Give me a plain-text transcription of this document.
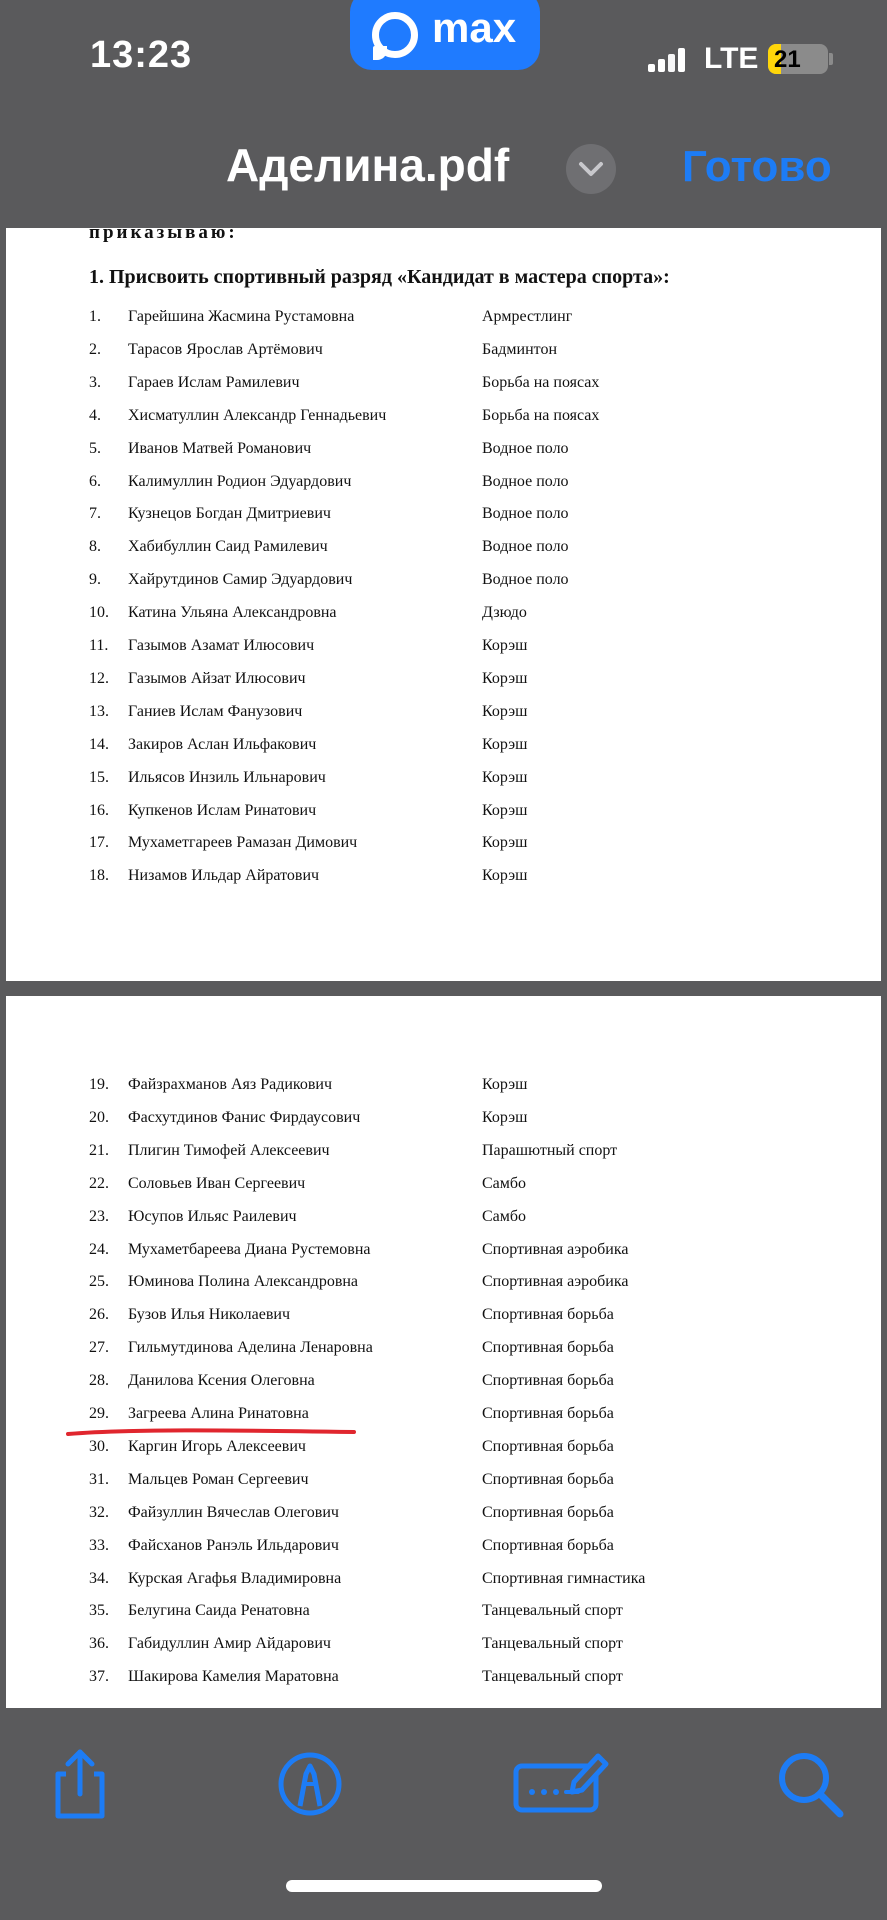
13:23
max
LTE 21
Аделина.pdf	Готово
приказываю:
1. Присвоить спортивный разряд «Кандидат в мастера спорта»:
1. Гарейшина Жасмина Рустамовна	Армрестлинг
2. Тарасов Ярослав Артёмович	Бадминтон
3. Гараев Ислам Рамилевич	Борьба на поясах
4. Хисматуллин Александр Геннадьевич	Борьба на поясах
5. Иванов Матвей Романович	Водное поло
6. Калимуллин Родион Эдуардович	Водное поло
7. Кузнецов Богдан Дмитриевич	Водное поло
8. Хабибуллин Саид Рамилевич	Водное поло
9. Хайрутдинов Самир Эдуардович	Водное поло
10. Катина Ульяна Александровна	Дзюдо
11. Газымов Азамат Илюсович	Корэш
12. Газымов Айзат Илюсович	Корэш
13. Ганиев Ислам Фанузович	Корэш
14. Закиров Аслан Ильфакович	Корэш
15. Ильясов Инзиль Ильнарович	Корэш
16. Купкенов Ислам Ринатович	Корэш
17. Мухаметгареев Рамазан Димович	Корэш
18. Низамов Ильдар Айратович	Корэш
19. Файзрахманов Аяз Радикович	Корэш
20. Фасхутдинов Фанис Фирдаусович	Корэш
21. Плигин Тимофей Алексеевич	Парашютный спорт
22. Соловьев Иван Сергеевич	Самбо
23. Юсупов Ильяс Раилевич	Самбо
24. Мухаметбареева Диана Рустемовна	Спортивная аэробика
25. Юминова Полина Александровна	Спортивная аэробика
26. Бузов Илья Николаевич	Спортивная борьба
27. Гильмутдинова Аделина Ленаровна	Спортивная борьба
28. Данилова Ксения Олеговна	Спортивная борьба
29. Загреева Алина Ринатовна	Спортивная борьба
30. Каргин Игорь Алексеевич	Спортивная борьба
31. Мальцев Роман Сергеевич	Спортивная борьба
32. Файзуллин Вячеслав Олегович	Спортивная борьба
33. Файсханов Ранэль Ильдарович	Спортивная борьба
34. Курская Агафья Владимировна	Спортивная гимнастика
35. Белугина Саида Ренатовна	Танцевальный спорт
36. Габидуллин Амир Айдарович	Танцевальный спорт
37. Шакирова Камелия Маратовна	Танцевальный спорт
